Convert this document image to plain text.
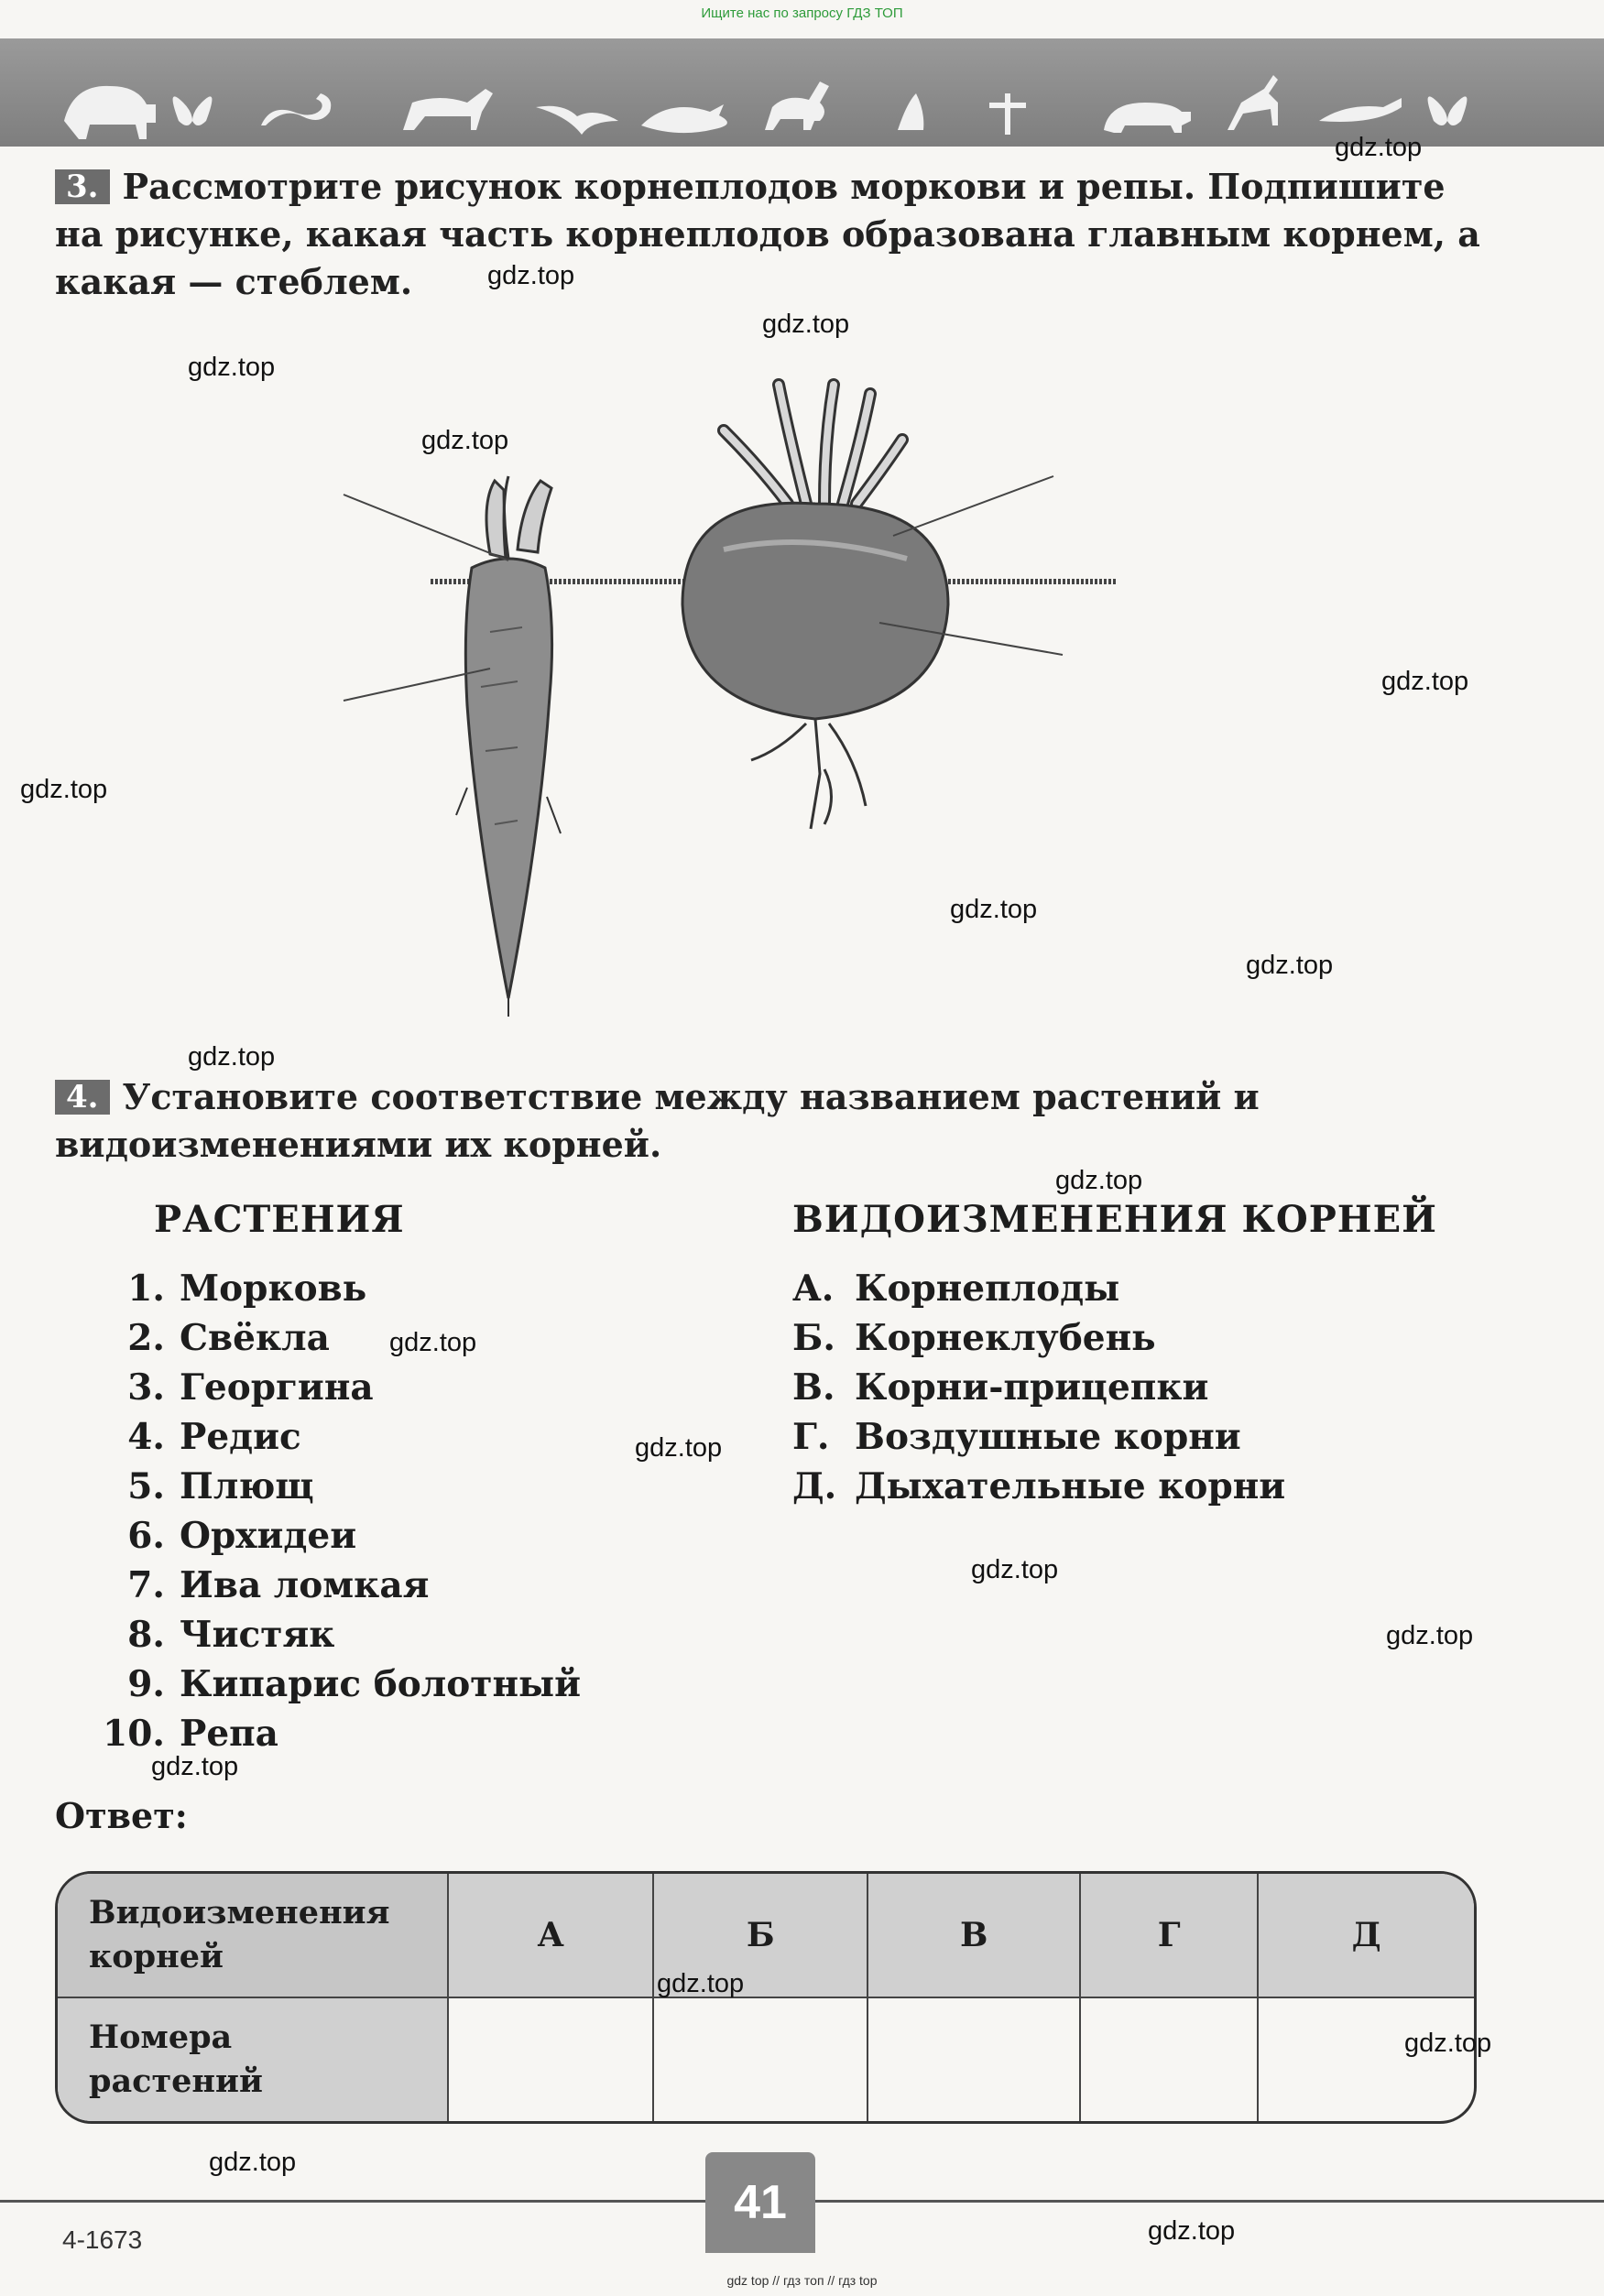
Ищите нас по запросу ГДЗ ТОП
3. Рассмотрите рисунок корнеплодов моркови и репы. Подпишите на рисунке, какая часть корнеплодов образована главным корнем, а какая — стеблем.
4. Установите соответствие между названием растений и видоизменениями их корней.
РАСТЕНИЯ	ВИДОИЗМЕНЕНИЯ КОРНЕЙ
1. Морковь
2. Свёкла
3. Георгина
4. Редис
5. Плющ
6. Орхидеи
7. Ива ломкая
8. Чистяк
9. Кипарис болотный
10. Репа
А. Корнеплоды
Б. Корнеклубень
В. Корни-прицепки
Г. Воздушные корни
Д. Дыхательные корни
Ответ:
Видоизменения
корней	А	Б	В	Г	Д
Номера
растений					
41
4-1673
gdz top // гдз топ // гдз top
gdz.top
gdz.top
gdz.top
gdz.top
gdz.top
gdz.top
gdz.top
gdz.top
gdz.top
gdz.top
gdz.top
gdz.top
gdz.top
gdz.top
gdz.top
gdz.top
gdz.top
gdz.top
gdz.top
gdz.top
